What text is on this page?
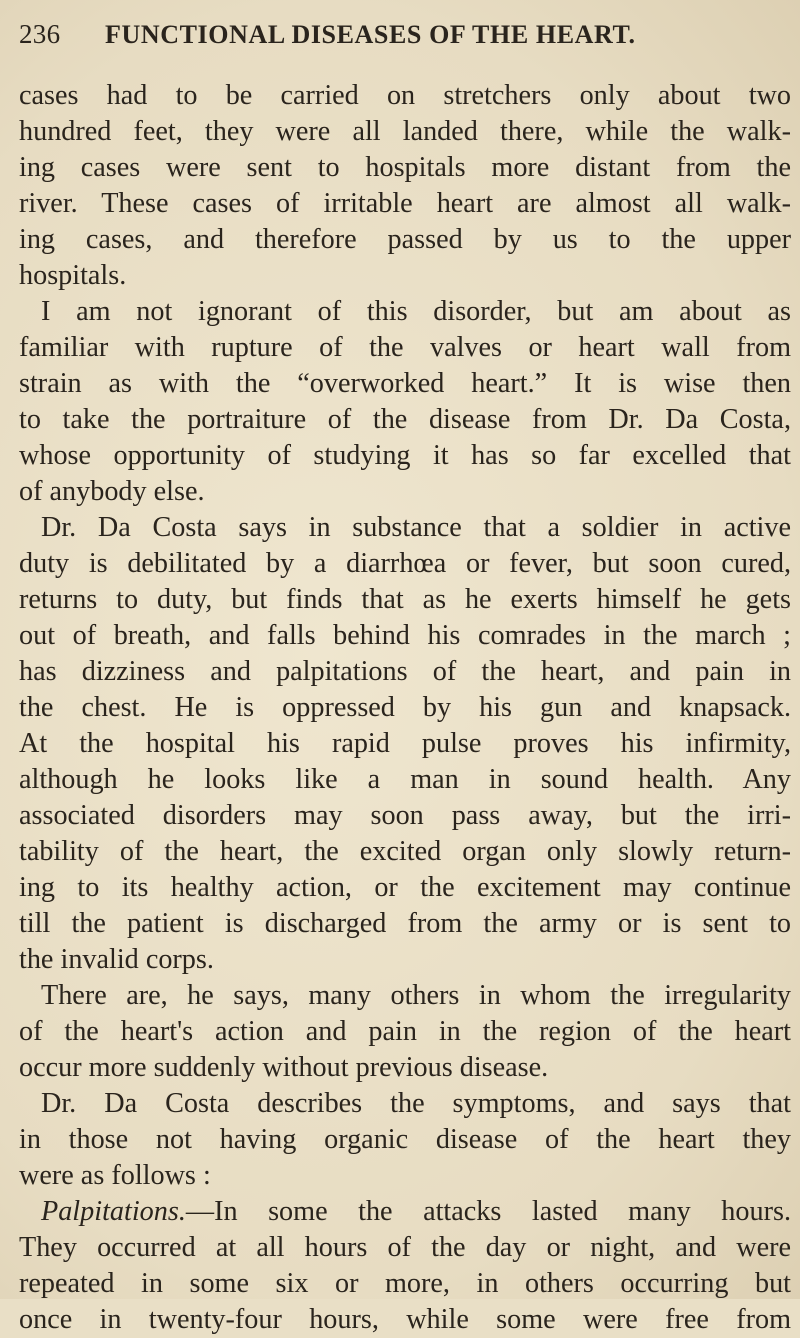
236 FUNCTIONAL DISEASES OF THE HEART.
cases had to be carried on stretchers only about two
hundred feet, they were all landed there, while the walk-
ing cases were sent to hospitals more distant from the
river. These cases of irritable heart are almost all walk-
ing cases, and therefore passed by us to the upper
hospitals.
I am not ignorant of this disorder, but am about as
familiar with rupture of the valves or heart wall from
strain as with the “overworked heart.” It is wise then
to take the portraiture of the disease from Dr. Da Costa,
whose opportunity of studying it has so far excelled that
of anybody else.
Dr. Da Costa says in substance that a soldier in active
duty is debilitated by a diarrhœa or fever, but soon cured,
returns to duty, but finds that as he exerts himself he gets
out of breath, and falls behind his comrades in the march ;
has dizziness and palpitations of the heart, and pain in
the chest. He is oppressed by his gun and knapsack.
At the hospital his rapid pulse proves his infirmity,
although he looks like a man in sound health. Any
associated disorders may soon pass away, but the irri-
tability of the heart, the excited organ only slowly return-
ing to its healthy action, or the excitement may continue
till the patient is discharged from the army or is sent to
the invalid corps.
There are, he says, many others in whom the irregularity
of the heart's action and pain in the region of the heart
occur more suddenly without previous disease.
Dr. Da Costa describes the symptoms, and says that
in those not having organic disease of the heart they
were as follows :
Palpitations.—In some the attacks lasted many hours.
They occurred at all hours of the day or night, and were
repeated in some six or more, in others occurring but
once in twenty-four hours, while some were free from
